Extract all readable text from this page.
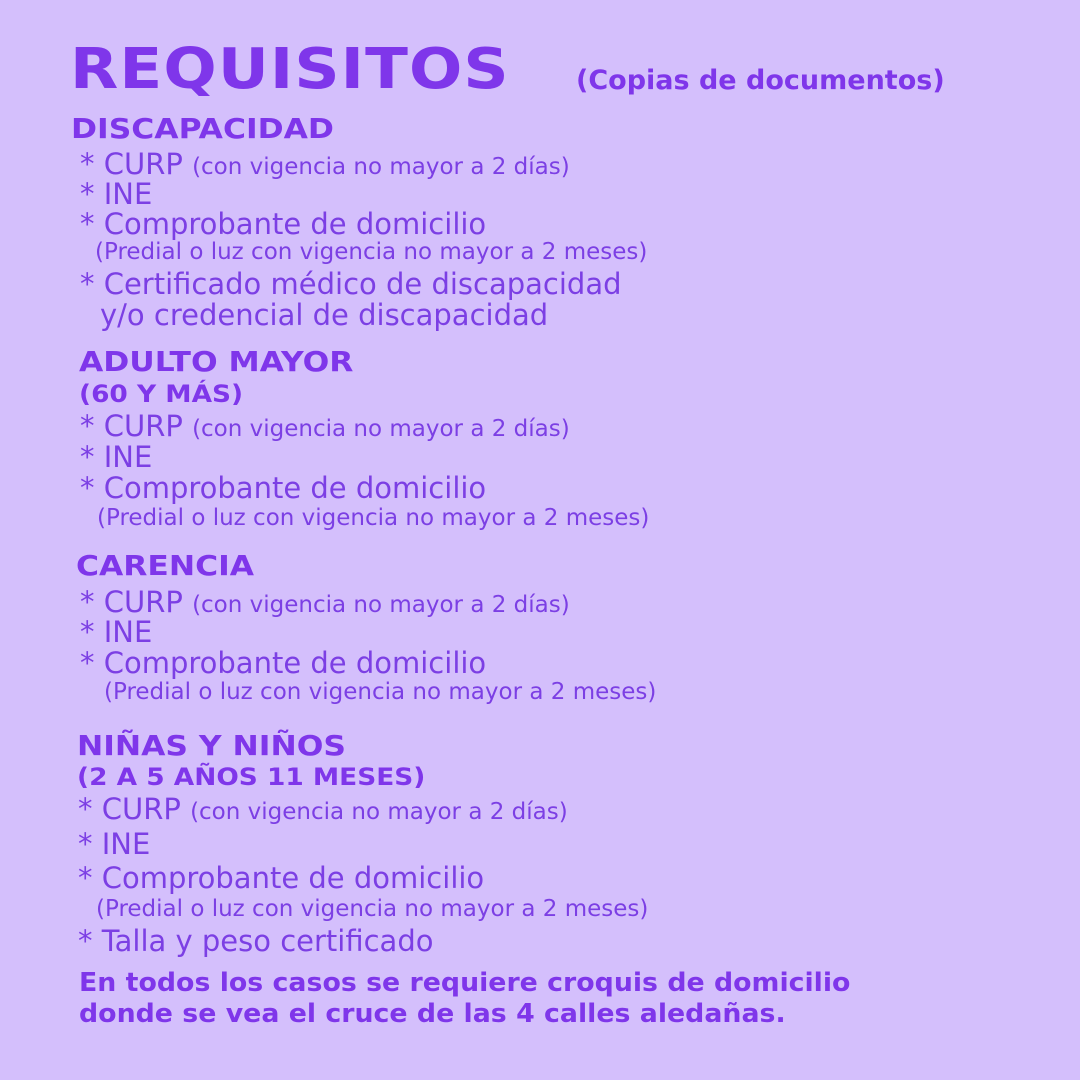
REQUISITOS (Copias de documentos)
DISCAPACIDAD
* CURP (con vigencia no mayor a 2 días)
* INE
* Comprobante de domicilio
(Predial o luz con vigencia no mayor a 2 meses)
* Certificado médico de discapacidad
y/o credencial de discapacidad
ADULTO MAYOR
(60 Y MÁS)
* CURP (con vigencia no mayor a 2 días)
* INE
* Comprobante de domicilio
(Predial o luz con vigencia no mayor a 2 meses)
CARENCIA
* CURP (con vigencia no mayor a 2 días)
* INE
* Comprobante de domicilio
(Predial o luz con vigencia no mayor a 2 meses)
NIÑAS Y NIÑOS
(2 A 5 AÑOS 11 MESES)
* CURP (con vigencia no mayor a 2 días)
* INE
* Comprobante de domicilio
(Predial o luz con vigencia no mayor a 2 meses)
* Talla y peso certificado
En todos los casos se requiere croquis de domicilio
donde se vea el cruce de las 4 calles aledañas.
